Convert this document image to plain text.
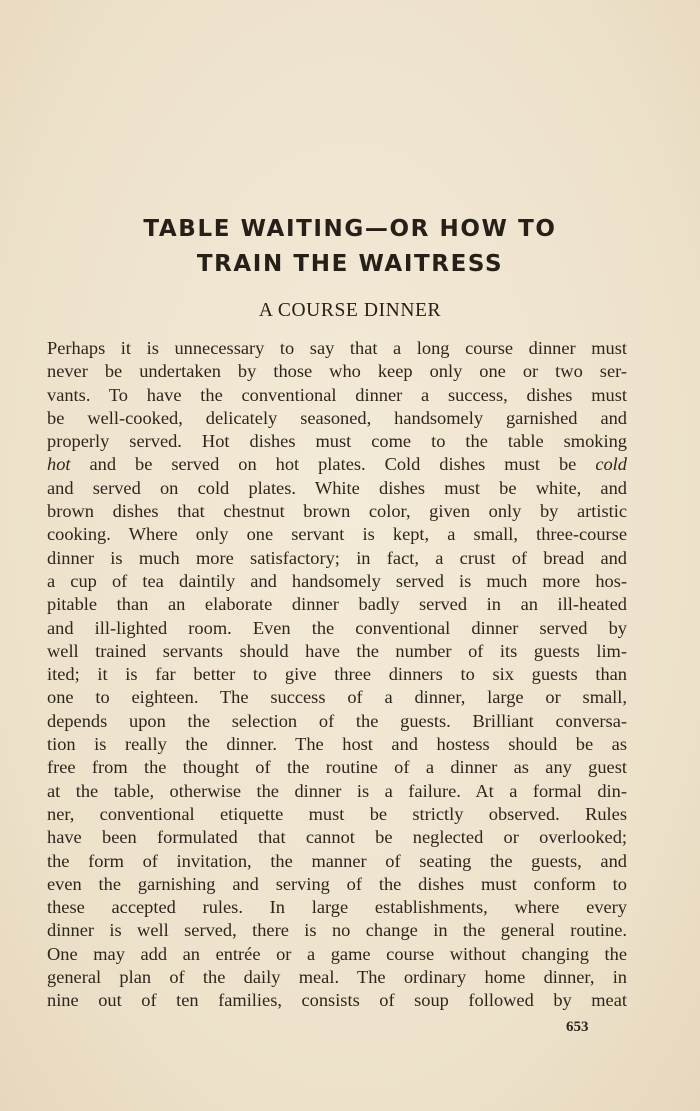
TABLE WAITING—OR HOW TO
TRAIN THE WAITRESS
A COURSE DINNER
Perhaps it is unnecessary to say that a long course dinner must
never be undertaken by those who keep only one or two ser-
vants. To have the conventional dinner a success, dishes must
be well-cooked, delicately seasoned, handsomely garnished and
properly served. Hot dishes must come to the table smoking
hot and be served on hot plates. Cold dishes must be cold
and served on cold plates. White dishes must be white, and
brown dishes that chestnut brown color, given only by artistic
cooking. Where only one servant is kept, a small, three-course
dinner is much more satisfactory; in fact, a crust of bread and
a cup of tea daintily and handsomely served is much more hos-
pitable than an elaborate dinner badly served in an ill-heated
and ill-lighted room. Even the conventional dinner served by
well trained servants should have the number of its guests lim-
ited; it is far better to give three dinners to six guests than
one to eighteen. The success of a dinner, large or small,
depends upon the selection of the guests. Brilliant conversa-
tion is really the dinner. The host and hostess should be as
free from the thought of the routine of a dinner as any guest
at the table, otherwise the dinner is a failure. At a formal din-
ner, conventional etiquette must be strictly observed. Rules
have been formulated that cannot be neglected or overlooked;
the form of invitation, the manner of seating the guests, and
even the garnishing and serving of the dishes must conform to
these accepted rules. In large establishments, where every
dinner is well served, there is no change in the general routine.
One may add an entrée or a game course without changing the
general plan of the daily meal. The ordinary home dinner, in
nine out of ten families, consists of soup followed by meat
653
